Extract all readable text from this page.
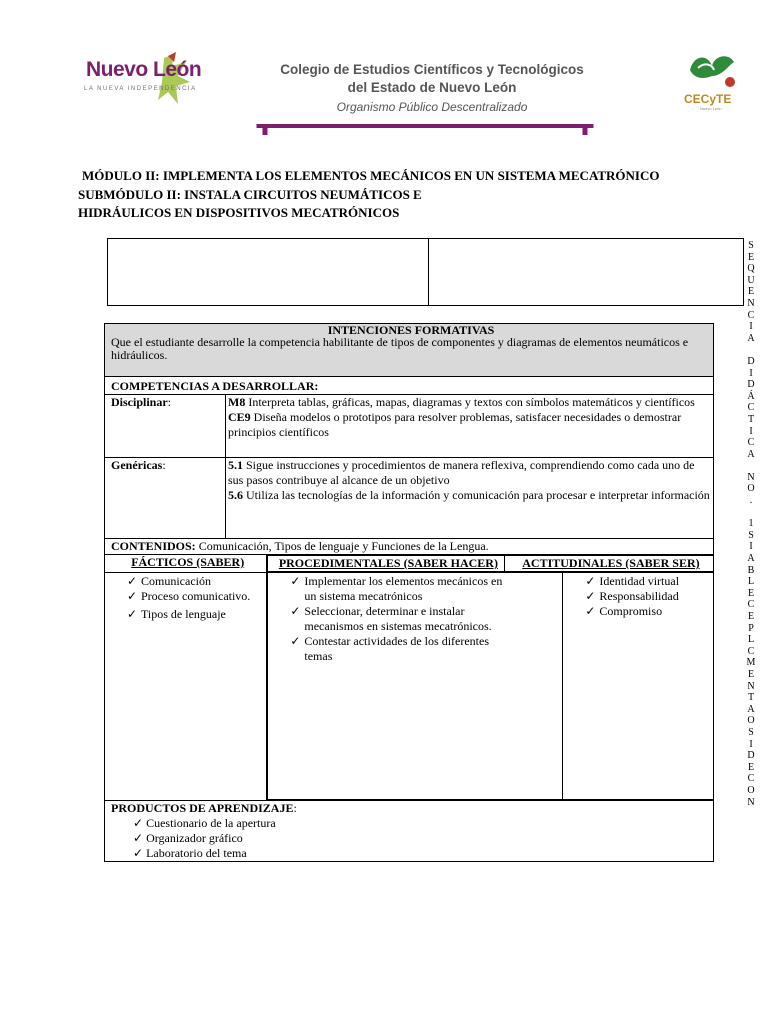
Nuevo León
LA NUEVA INDEPENDENCIA
Colegio de Estudios Científicos y Tecnológicos
del Estado de Nuevo León
Organismo Público Descentralizado
CECyTE
Nuevo León
MÓDULO II: IMPLEMENTA LOS ELEMENTOS MECÁNICOS EN UN SISTEMA MECATRÓNICO
SUBMÓDULO II: INSTALA CIRCUITOS NEUMÁTICOS E
HIDRÁULICOS EN DISPOSITIVOS MECATRÓNICOS

INTENCIONES FORMATIVAS
Que el estudiante desarrolle la competencia habilitante de tipos de componentes y diagramas de elementos neumáticos e hidráulicos.

COMPETENCIAS A DESARROLLAR:
Disciplinar:	M8 Interpreta tablas, gráficas, mapas, diagramas y textos con símbolos matemáticos y científicos
CE9 Diseña modelos o prototipos para resolver problemas, satisfacer necesidades o demostrar principios científicos

Genéricas:	5.1 Sigue instrucciones y procedimientos de manera reflexiva, comprendiendo como cada uno de sus pasos contribuye al alcance de un objetivo
5.6 Utiliza las tecnologías de la información y comunicación para procesar e interpretar información

CONTENIDOS: Comunicación, Tipos de lenguaje y Funciones de la Lengua.
FÁCTICOS (SABER)		PROCEDIMENTALES (SABER HACER)	ACTITUDINALES (SABER SER)

✓ Comunicación
✓ Proceso comunicativo.
✓ Tipos de lenguaje

✓ Implementar los elementos mecánicos en un sistema mecatrónicos
✓ Seleccionar, determinar e instalar mecanismos en sistemas mecatrónicos.
✓ Contestar actividades de los diferentes temas

✓ Identidad virtual
✓ Responsabilidad
✓ Compromiso

PRODUCTOS DE APRENDIZAJE:
✓ Cuestionario de la apertura
✓ Organizador gráfico
✓ Laboratorio del tema
S
E
Q
U
E
N
C
I
A

D
I
D
Á
C
T
I
C
A

N
O
.

1
S
I
A
B
L
E
C
E
P
L
C
M
E
N
T
A
O
S
I
D
E
C
O
N
